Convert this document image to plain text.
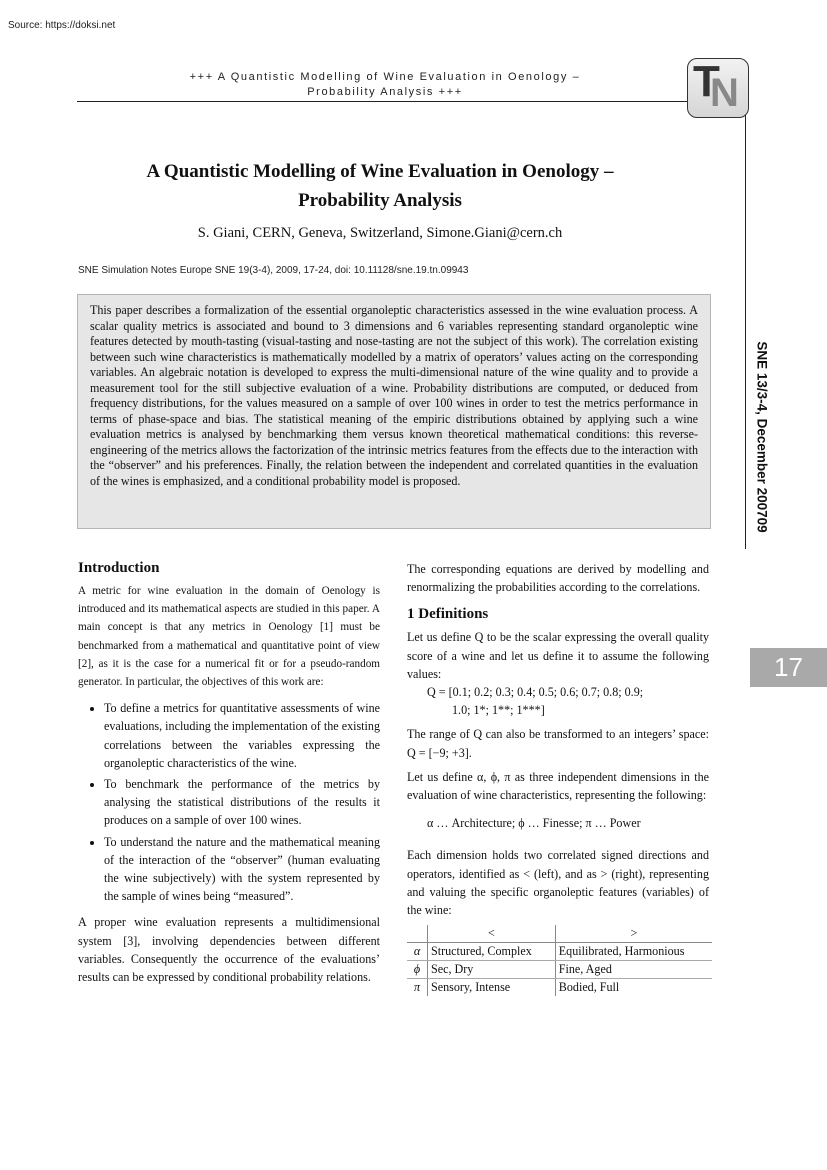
Source: https://doksi.net
+++ A Quantistic Modelling of Wine Evaluation in Oenology –
Probability Analysis +++	T
N
A Quantistic Modelling of Wine Evaluation in Oenology –
Probability Analysis
S. Giani, CERN, Geneva, Switzerland, Simone.Giani@cern.ch
SNE Simulation Notes Europe SNE 19(3-4), 2009, 17-24, doi: 10.11128/sne.19.tn.09943
This paper describes a formalization of the essential organoleptic characteristics assessed in the wine evaluation process. A scalar quality metrics is associated and bound to 3 dimensions and 6 variables representing standard organoleptic wine features detected by mouth-tasting (visual-tasting and nose-tasting are not the subject of this work). The correlation existing between such wine characteristics is mathematically modelled by a matrix of operators’ values acting on the corresponding variables. An algebraic notation is developed to express the multi-dimensional nature of the wine quality and to provide a measurement tool for the still subjective evaluation of a wine. Probability distributions are computed, or deduced from frequency distributions, for the values measured on a sample of over 100 wines in order to test the metrics performance in terms of phase-space and bias. The statistical meaning of the empiric distributions obtained by applying such a wine evaluation metrics is analysed by benchmarking them versus known theoretical mathematical conditions: this reverse-engineering of the metrics allows the factorization of the intrinsic metrics features from the effects due to the interaction with the “observer” and his preferences. Finally, the relation between the independent and correlated quantities in the evaluation of the wines is emphasized, and a conditional probability model is proposed.	SNE 13/3-4, December 200709
17
Introduction

A metric for wine evaluation in the domain of Oenology is introduced and its mathematical aspects are studied in this paper. A main concept is that any metrics in Oenology [1] must be benchmarked from a mathematical and quantitative point of view [2], as it is the case for a numerical fit or for a pseudo-random generator. In particular, the objectives of this work are:

• To define a metrics for quantitative assessments of wine evaluations, including the implementation of the existing correlations between the variables expressing the organoleptic characteristics of the wine.
• To benchmark the performance of the metrics by analysing the statistical distributions of the results it produces on a sample of over 100 wines.
• To understand the nature and the mathematical meaning of the interaction of the “observer” (human evaluating the wine subjectively) with the system represented by the sample of wines being “measured”.

A proper wine evaluation represents a multidimensional system [3], involving dependencies between different variables. Consequently the occurrence of the evaluations’ results can be expressed by conditional probability relations.

The corresponding equations are derived by modelling and renormalizing the probabilities according to the correlations.

1 Definitions

Let us define Q to be the scalar expressing the overall quality score of a wine and let us define it to assume the following values:

Q = [0.1; 0.2; 0.3; 0.4; 0.5; 0.6; 0.7; 0.8; 0.9;
1.0; 1*; 1**; 1***]

The range of Q can also be transformed to an integers’ space: Q = [−9; +3].

Let us define α, ϕ, π as three independent dimensions in the evaluation of wine characteristics, representing the following:

α … Architecture; ϕ … Finesse; π … Power

Each dimension holds two correlated signed directions and operators, identified as < (left), and as > (right), representing and valuing the specific organoleptic features (variables) of the wine:

	<	>
α	Structured, Complex	Equilibrated, Harmonious
ϕ	Sec, Dry	Fine, Aged
π	Sensory, Intense	Bodied, Full
